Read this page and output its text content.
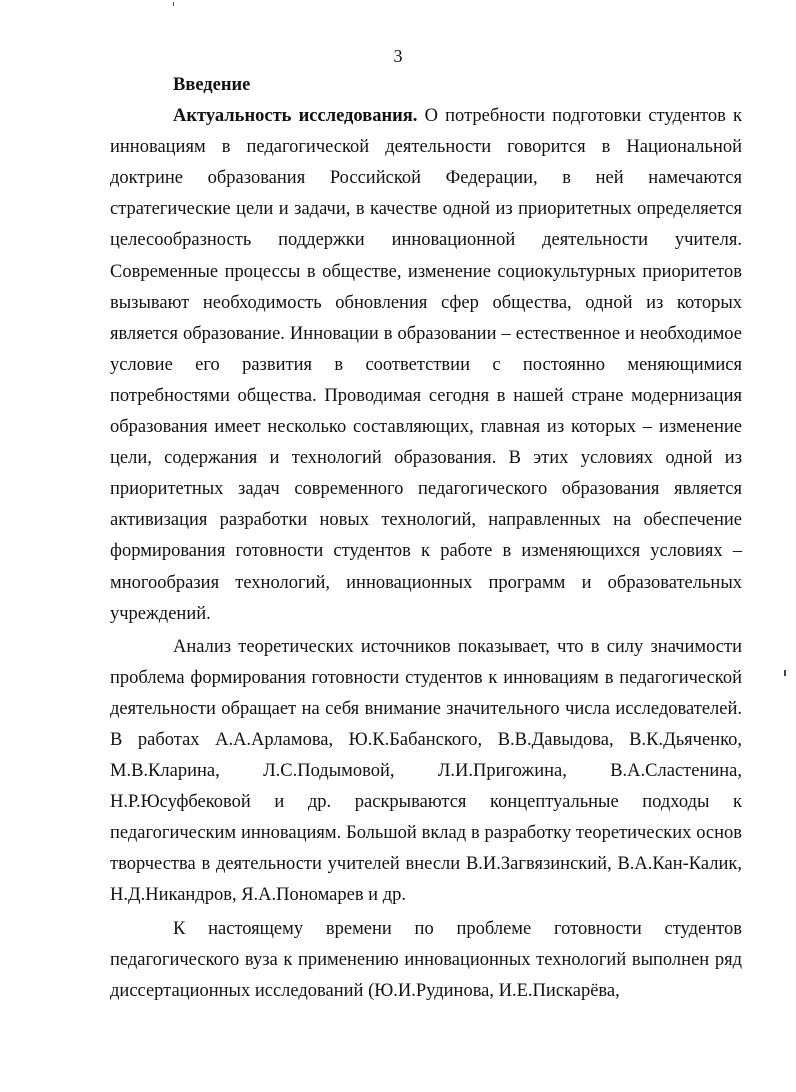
3

Введение

Актуальность исследования. О потребности подготовки студентов к инновациям в педагогической деятельности говорится в Национальной доктрине образования Российской Федерации, в ней намечаются стратегические цели и задачи, в качестве одной из приоритетных определяется целесообразность поддержки инновационной деятельности учителя. Современные процессы в обществе, изменение социокультурных приоритетов вызывают необходимость обновления сфер общества, одной из которых является образование. Инновации в образовании – естественное и необходимое условие его развития в соответствии с постоянно меняющимися потребностями общества. Проводимая сегодня в нашей стране модернизация образования имеет несколько составляющих, главная из которых – изменение цели, содержания и технологий образования. В этих условиях одной из приоритетных задач современного педагогического образования является активизация разработки новых технологий, направленных на обеспечение формирования готовности студентов к работе в изменяющихся условиях – многообразия технологий, инновационных программ и образовательных учреждений.

Анализ теоретических источников показывает, что в силу значимости проблема формирования готовности студентов к инновациям в педагогической деятельности обращает на себя внимание значительного числа исследователей. В работах А.А.Арламова, Ю.К.Бабанского, В.В.Давыдова, В.К.Дьяченко, М.В.Кларина, Л.С.Подымовой, Л.И.Пригожина, В.А.Сластенина, Н.Р.Юсуфбековой и др. раскрываются концептуальные подходы к педагогическим инновациям. Большой вклад в разработку теоретических основ творчества в деятельности учителей внесли В.И.Загвязинский, В.А.Кан-Калик, Н.Д.Никандров, Я.А.Пономарев и др.

К настоящему времени по проблеме готовности студентов педагогического вуза к применению инновационных технологий выполнен ряд диссертационных исследований (Ю.И.Рудинова, И.Е.Пискарёва,
